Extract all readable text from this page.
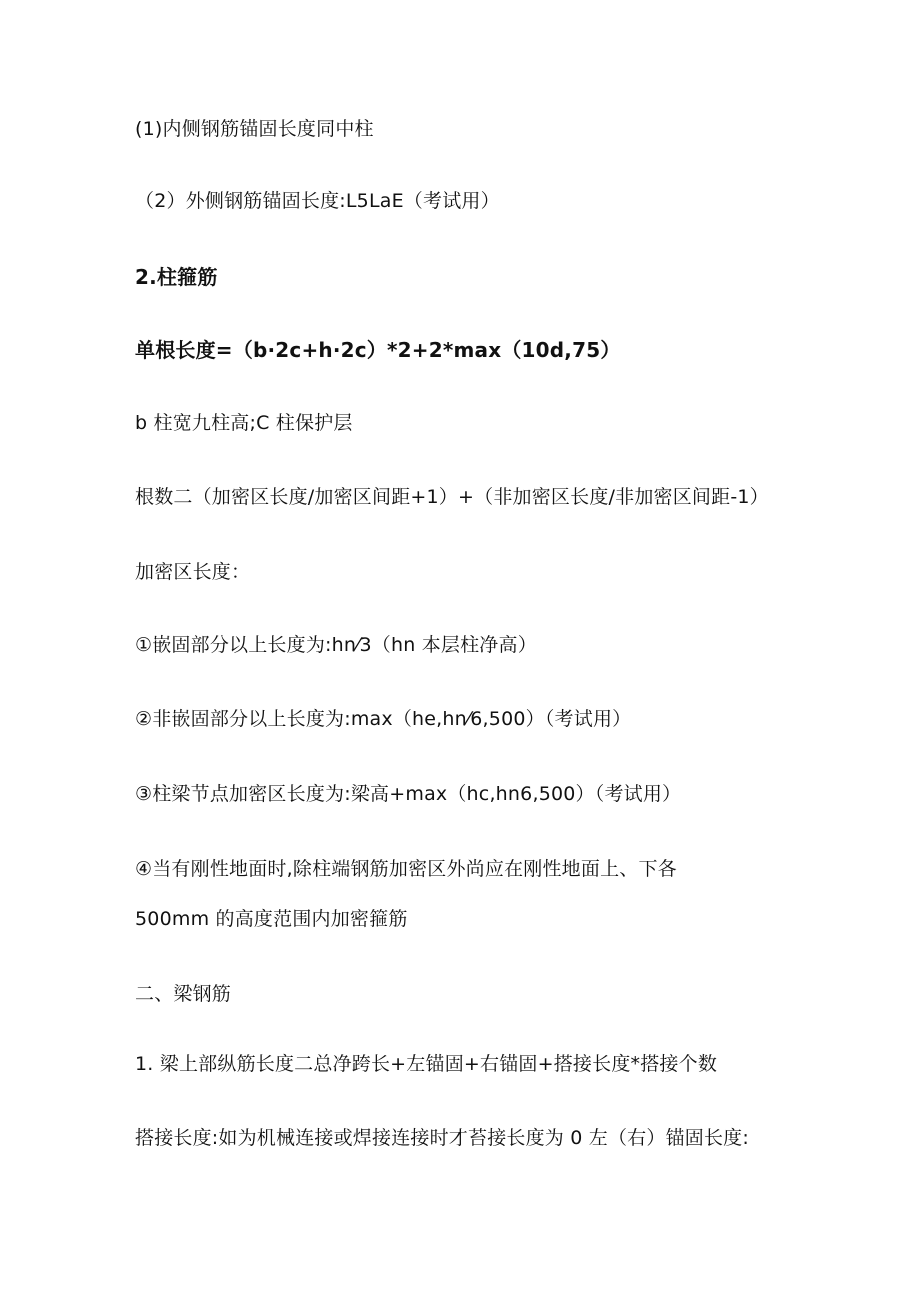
(1)内侧钢筋锚固长度同中柱
（2）外侧钢筋锚固长度:L5LaE（考试用）
2.柱箍筋
单根长度=（b·2c+h·2c）*2+2*max（10d,75）
b 柱宽九柱高;C 柱保护层
根数二（加密区长度/加密区间距+1）+（非加密区长度/非加密区间距-1）
加密区长度：
①嵌固部分以上长度为:hn⁄3（hn 本层柱净高）
②非嵌固部分以上长度为:max（he,hn⁄6,500）（考试用）
③柱梁节点加密区长度为:梁高+max（hc,hn6,500）（考试用）
④当有刚性地面时,除柱端钢筋加密区外尚应在刚性地面上、下各
500mm 的高度范围内加密箍筋
二、梁钢筋
1. 梁上部纵筋长度二总净跨长+左锚固+右锚固+搭接长度*搭接个数
搭接长度:如为机械连接或焊接连接时才苔接长度为 0 左（右）锚固长度:
